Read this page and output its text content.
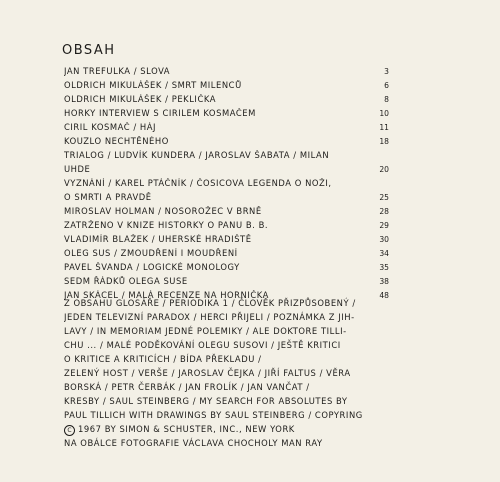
OBSAH
JAN TREFULKA / SLOVA	3
OLDRICH MIKULÁŠEK / SMRT MILENCŮ	6
OLDRICH MIKULÁŠEK / PEKLIČKA	8
HORKY INTERVIEW S CIRILEM KOSMAČEM	10
CIRIL KOSMAČ / HÁJ	11
KOUZLO NECHTĚNÉHO	18
TRIALOG / LUDVÍK KUNDERA / JAROSLAV ŠABATA / MILAN
UHDE	20
VYZNÁNÍ / KAREL PTÁČNÍK / ČOSICOVA LEGENDA O NOŽI,
O SMRTI A PRAVDĚ	25
MIROSLAV HOLMAN / NOSOROŽEC V BRNĚ	28
ZATRŽENO V KNIZE HISTORKY O PANU B. B.	29
VLADIMÍR BLAŽEK / UHERSKÉ HRADIŠTĚ	30
OLEG SUS / ZMOUDŘENÍ I MOUDŘENÍ	34
PAVEL ŠVANDA / LOGICKÉ MONOLOGY	35
SEDM ŘÁDKŮ OLEGA SUSE	38
JAN SKÁCEL / MALÁ RECENZE NA HORNIČKA	48
Z OBSAHU GLOSÁŘE / PERIODIKA 1 / ČLOVĚK PŘIZPŮSOBENÝ /
JEDEN TELEVIZNÍ PARADOX / HERCI PŘIJELI / POZNÁMKA Z JIH-
LAVY / IN MEMORIAM JEDNÉ POLEMIKY / ALE DOKTORE TILLI-
CHU ... / MALÉ PODĚKOVÁNÍ OLEGU SUSOVI / JEŠTĚ KRITICI
O KRITICE A KRITICÍCH / BÍDA PŘEKLADU /
ZELENÝ HOST / VERŠE / JAROSLAV ČEJKA / JIŘÍ FALTUS / VĚRA
BORSKÁ / PETR ČERBÁK / JAN FROLÍK / JAN VANČAT /
KRESBY / SAUL STEINBERG / MY SEARCH FOR ABSOLUTES BY
PAUL TILLICH WITH DRAWINGS BY SAUL STEINBERG / COPYRING
C 1967 BY SIMON & SCHUSTER, INC., NEW YORK
NA OBÁLCE FOTOGRAFIE VÁCLAVA CHOCHOLY MAN RAY
